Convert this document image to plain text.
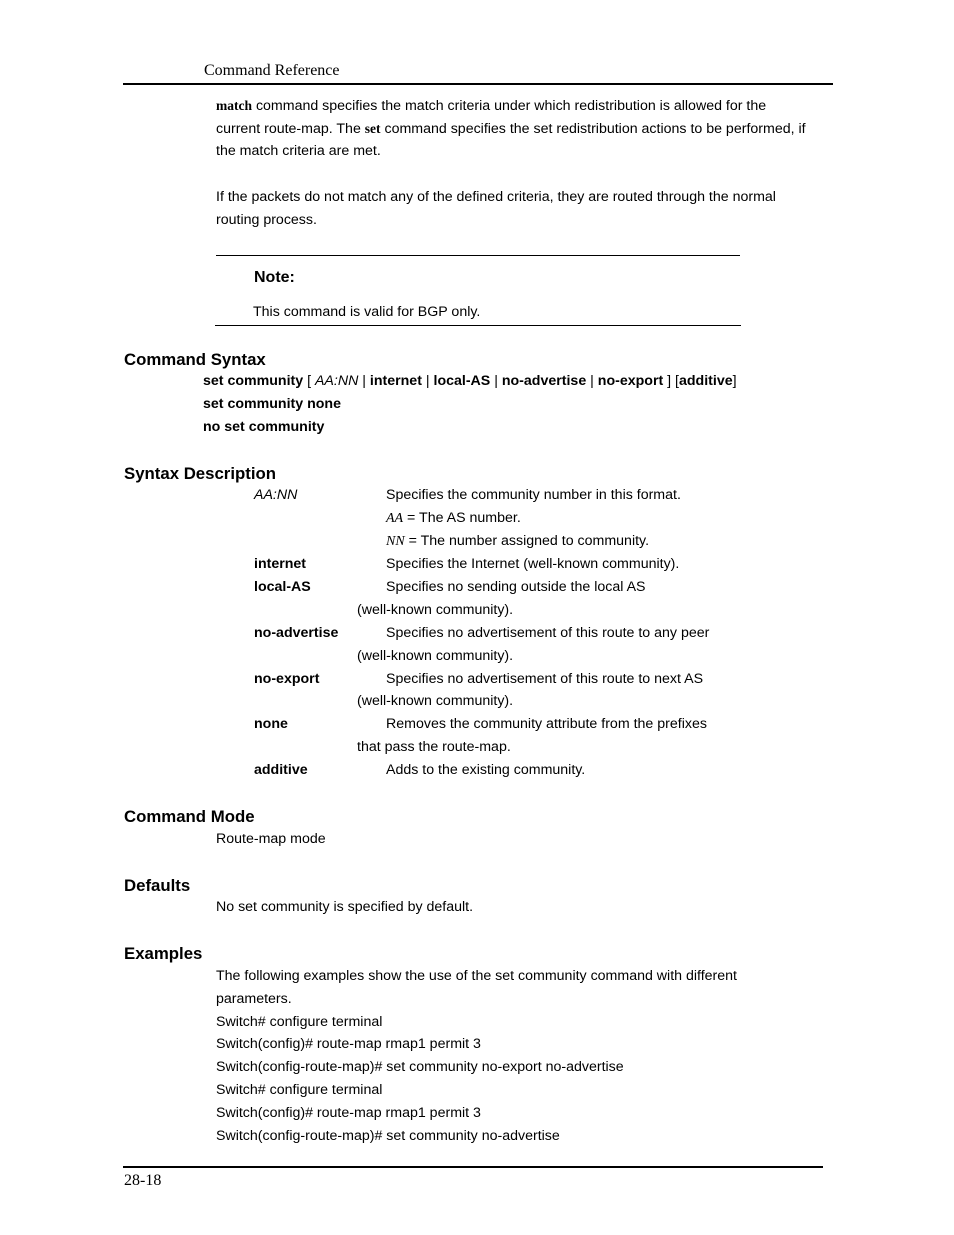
Command Reference
match command specifies the match criteria under which redistribution is allowed for the
current route-map. The set command specifies the set redistribution actions to be performed, if
the match criteria are met.
If the packets do not match any of the defined criteria, they are routed through the normal
routing process.
Note:
This command is valid for BGP only.
Command Syntax
set community [ AA:NN | internet | local-AS | no-advertise | no-export ] [additive]
set community none
no set community
Syntax Description
AA:NN	Specifies the community number in this format.
AA = The AS number.
NN = The number assigned to community.
internet	Specifies the Internet (well-known community).
local-AS	Specifies no sending outside the local AS
(well-known community).
no-advertise	Specifies no advertisement of this route to any peer
(well-known community).
no-export	Specifies no advertisement of this route to next AS
(well-known community).
none	Removes the community attribute from the prefixes
that pass the route-map.
additive	Adds to the existing community.
Command Mode
Route-map mode
Defaults
No set community is specified by default.
Examples
The following examples show the use of the set community command with different
parameters.
Switch# configure terminal
Switch(config)# route-map rmap1 permit 3
Switch(config-route-map)# set community no-export no-advertise
Switch# configure terminal
Switch(config)# route-map rmap1 permit 3
Switch(config-route-map)# set community no-advertise
28-18
